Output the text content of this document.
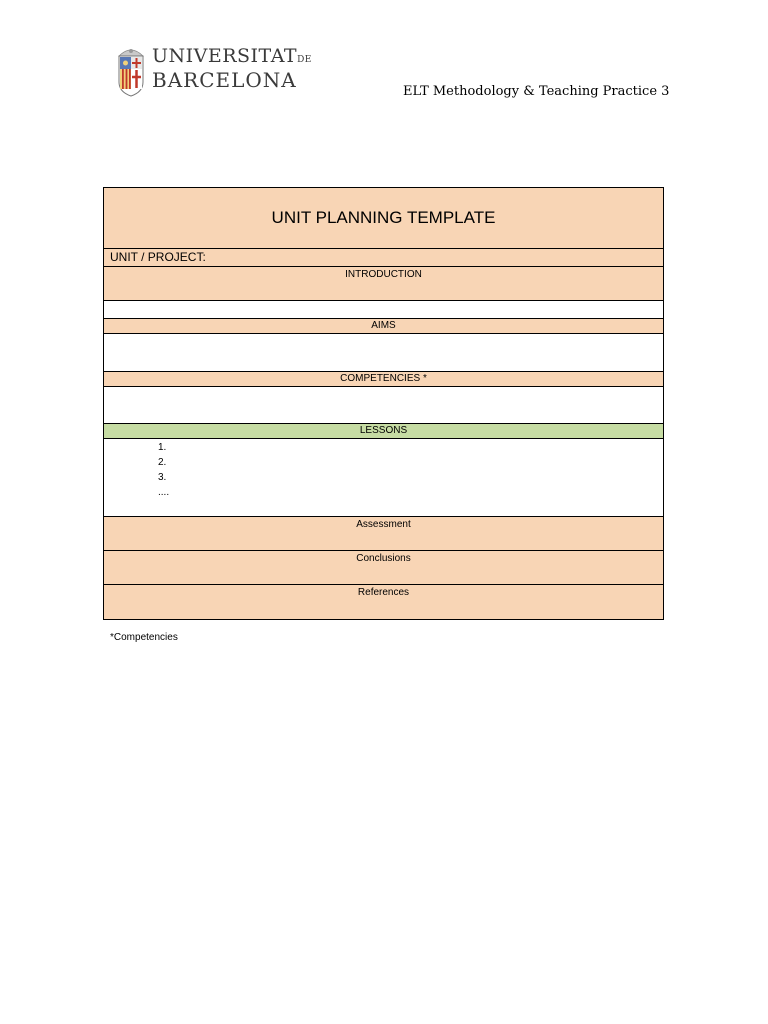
UNIVERSITATDE
BARCELONA	ELT Methodology & Teaching Practice 3
UNIT PLANNING TEMPLATE
UNIT / PROJECT:
INTRODUCTION
AIMS
COMPETENCIES *
LESSONS
1.
2.
3.
....
Assessment
Conclusions
References
*Competencies
